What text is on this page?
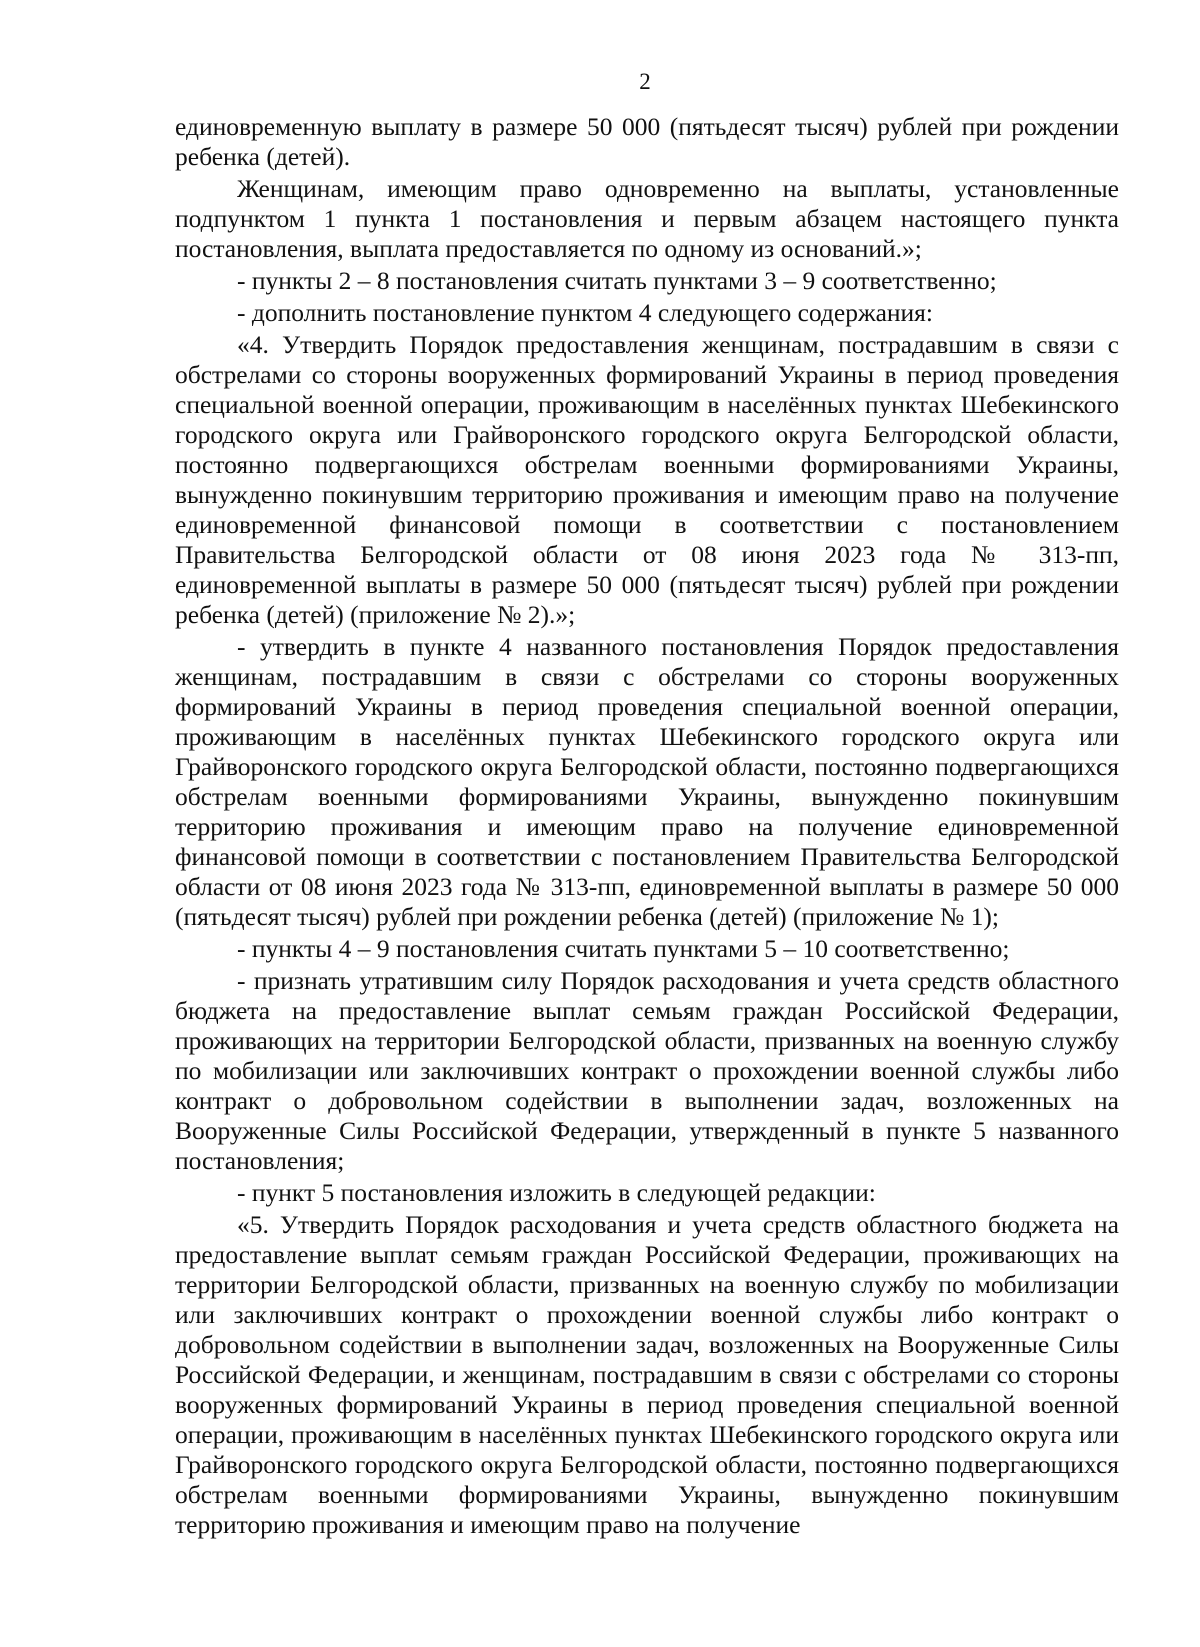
2

единовременную выплату в размере 50 000 (пятьдесят тысяч) рублей при рождении ребенка (детей).

Женщинам, имеющим право одновременно на выплаты, установленные подпунктом 1 пункта 1 постановления и первым абзацем настоящего пункта постановления, выплата предоставляется по одному из оснований.»;

- пункты 2 – 8 постановления считать пунктами 3 – 9 соответственно;

- дополнить постановление пунктом 4 следующего содержания:

«4. Утвердить Порядок предоставления женщинам, пострадавшим в связи с обстрелами со стороны вооруженных формирований Украины в период проведения специальной военной операции, проживающим в населённых пунктах Шебекинского городского округа или Грайворонского городского округа Белгородской области, постоянно подвергающихся обстрелам военными формированиями Украины, вынужденно покинувшим территорию проживания и имеющим право на получение единовременной финансовой помощи в соответствии с постановлением Правительства Белгородской области от 08 июня 2023 года № 313-пп, единовременной выплаты в размере 50 000 (пятьдесят тысяч) рублей при рождении ребенка (детей) (приложение № 2).»;

- утвердить в пункте 4 названного постановления Порядок предоставления женщинам, пострадавшим в связи с обстрелами со стороны вооруженных формирований Украины в период проведения специальной военной операции, проживающим в населённых пунктах Шебекинского городского округа или Грайворонского городского округа Белгородской области, постоянно подвергающихся обстрелам военными формированиями Украины, вынужденно покинувшим территорию проживания и имеющим право на получение единовременной финансовой помощи в соответствии с постановлением Правительства Белгородской области от 08 июня 2023 года № 313-пп, единовременной выплаты в размере 50 000 (пятьдесят тысяч) рублей при рождении ребенка (детей) (приложение № 1);

- пункты 4 – 9 постановления считать пунктами 5 – 10 соответственно;

- признать утратившим силу Порядок расходования и учета средств областного бюджета на предоставление выплат семьям граждан Российской Федерации, проживающих на территории Белгородской области, призванных на военную службу по мобилизации или заключивших контракт о прохождении военной службы либо контракт о добровольном содействии в выполнении задач, возложенных на Вооруженные Силы Российской Федерации, утвержденный в пункте 5 названного постановления;

- пункт 5 постановления изложить в следующей редакции:

«5. Утвердить Порядок расходования и учета средств областного бюджета на предоставление выплат семьям граждан Российской Федерации, проживающих на территории Белгородской области, призванных на военную службу по мобилизации или заключивших контракт о прохождении военной службы либо контракт о добровольном содействии в выполнении задач, возложенных на Вооруженные Силы Российской Федерации, и женщинам, пострадавшим в связи с обстрелами со стороны вооруженных формирований Украины в период проведения специальной военной операции, проживающим в населённых пунктах Шебекинского городского округа или Грайворонского городского округа Белгородской области, постоянно подвергающихся обстрелам военными формированиями Украины, вынужденно покинувшим территорию проживания и имеющим право на получение
